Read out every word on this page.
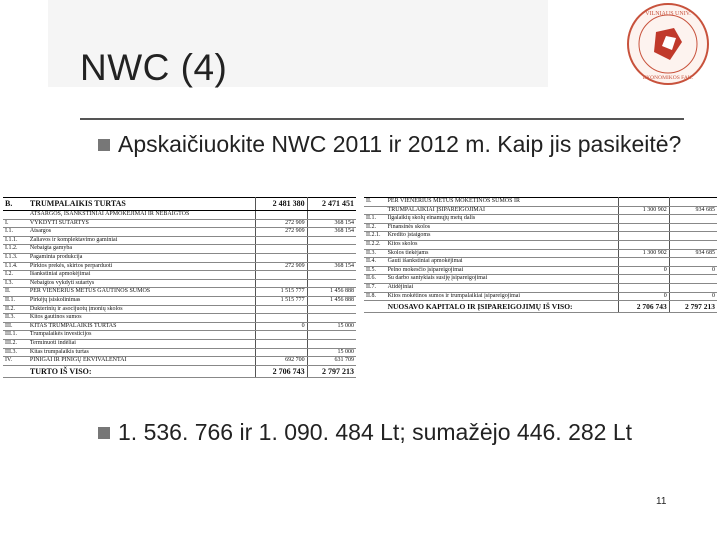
NWC (4)
VILNIAUS UNIV.
EKONOMIKOS FAK.
Apskaičiuokite NWC 2011 ir 2012 m. Kaip jis pasikeitė?
B.	TRUMPALAIKIS TURTAS	2 481 380	2 471 451
	ATSARGOS, IŠANKSTINIAI APMOKĖJIMAI IR NEBAIGTOS		
I.	VYKDYTI SUTARTYS	272 909	368 154
I.1.	Atsargos	272 909	368 154
I.1.1.	Žaliavos ir komplektavimo gaminiai		
I.1.2.	Nebaigta gamyba		
I.1.3.	Pagaminta produkcija		
I.1.4.	Pirktos prekės, skirtos perparduoti	272 909	368 154
I.2.	Išankstiniai apmokėjimai		
I.3.	Nebaigtos vykdyti sutartys		
II.	PER VIENERIUS METUS GAUTINOS SUMOS	1 515 777	1 456 888
II.1.	Pirkėjų įsiskolinimas	1 515 777	1 456 888
II.2.	Dukterinių ir asocijuotų įmonių skolos		
II.3.	Kitos gautinos sumos		
III.	KITAS TRUMPALAIKIS TURTAS	0	15 000
III.1.	Trumpalaikės investicijos		
III.2.	Terminuoti indėliai		
III.3.	Kitas trumpalaikis turtas		15 000
IV.	PINIGAI IR PINIGŲ EKVIVALENTAI	692 700	631 709
	TURTO IŠ VISO:	2 706 743	2 797 213
II.	PER VIENERIUS METUS MOKĖTINOS SUMOS IR		
	TRUMPALAIKIAI ĮSIPAREIGOJIMAI	1 300 902	934 685
II.1.	Ilgalaikių skolų einamųjų metų dalis		
II.2.	Finansinės skolos		
II.2.1.	Kredito įstaigoms		
II.2.2.	Kitos skolos		
II.3.	Skolos tiekėjams	1 300 902	934 685
II.4.	Gauti išankstiniai apmokėjimai		
II.5.	Pelno mokesčio įsipareigojimai	0	0
II.6.	Su darbo santykiais susiję įsipareigojimai		
II.7.	Atidėjiniai		
II.8.	Kitos mokėtinos sumos ir trumpalaikiai įsipareigojimai	0	0
	NUOSAVO KAPITALO IR ĮSIPAREIGOJIMŲ IŠ VISO:	2 706 743	2 797 213
1. 536. 766 ir 1. 090. 484 Lt; sumažėjo 446. 282 Lt
11
